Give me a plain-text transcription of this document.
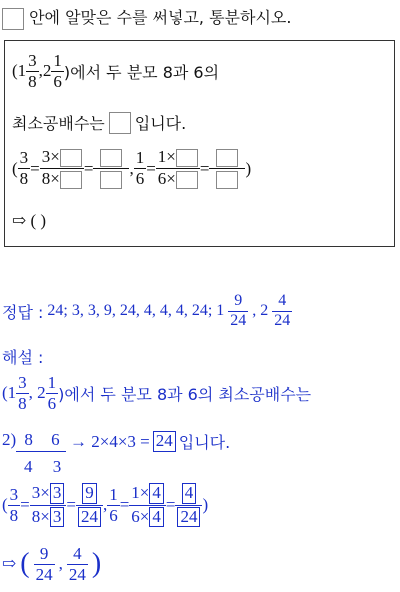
안에 알맞은 수를 써넣고, 통분하시오.
( $1 \frac{3}{8}$ , $2 \frac{1}{6}$ )에서 두 분모 8과 6의
최소공배수는 입니다.
( $\frac{3}{8} = \frac{3\times}{8\times}$ = , $\frac{1}{6} = \frac{1\times}{6\times}$ = )
⇨ ( )
정답 : 24; 3, 3, 9, 24, 4, 4, 4, 24; $1 \frac{9}{24}$ , $2 \frac{4}{24}$
해설 :
( $1 \frac{3}{8}$ , $2 \frac{1}{6}$ )에서 두 분모 8과 6의 최소공배수는
2) 8 6
4 3
→ 2×4×3 = 24 입니다.
( $\frac{3}{8} = \frac{3\times 3}{8\times 3} = \frac{9}{24}$ , $\frac{1}{6} = \frac{1\times 4}{6\times 4} = \frac{4}{24}$ )
⇨ ( $\frac{9}{24}$ , $\frac{4}{24}$ )
